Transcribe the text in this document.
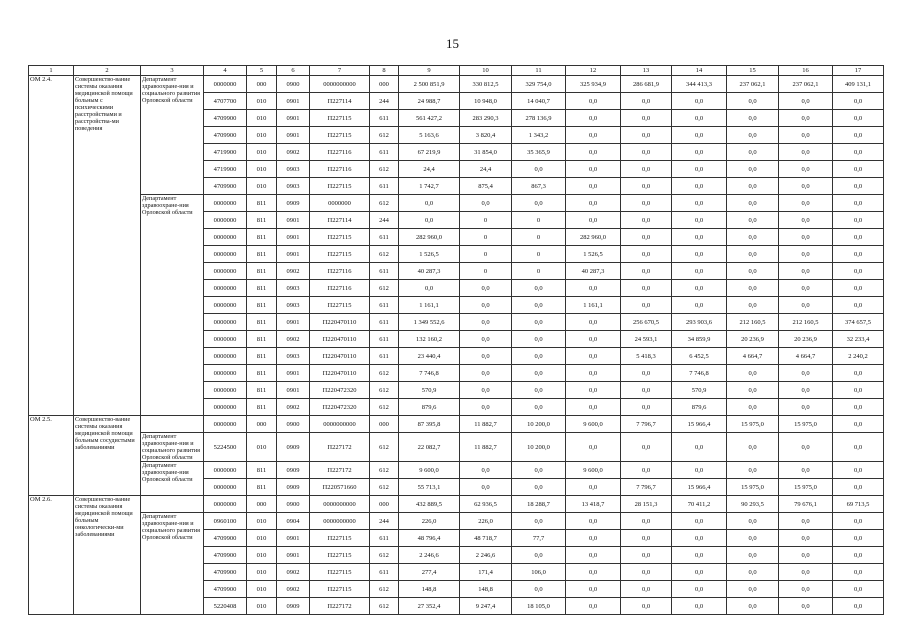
15
1	2	3	4	5	6	7	8	9	10	11	12	13	14	15	16	17
ОМ 2.4.	Совершенство-вание системы оказания медицинской помощи больным с психическими расстройствами и расстройства-ми поведения	Департамент здравоохране-ния и социального развития Орловской области	0000000	000	0900	0000000000	000	2 500 851,9	330 812,5	329 754,0	325 934,9	286 681,9	344 413,3	237 062,1	237 062,1	409 131,1
			4707700	010	0901	П227114	244	24 988,7	10 948,0	14 040,7	0,0	0,0	0,0	0,0	0,0	0,0
			4709900	010	0901	П227115	611	561 427,2	283 290,3	278 136,9	0,0	0,0	0,0	0,0	0,0	0,0
			4709900	010	0901	П227115	612	5 163,6	3 820,4	1 343,2	0,0	0,0	0,0	0,0	0,0	0,0
			4719900	010	0902	П227116	611	67 219,9	31 854,0	35 365,9	0,0	0,0	0,0	0,0	0,0	0,0
			4719900	010	0903	П227116	612	24,4	24,4	0,0	0,0	0,0	0,0	0,0	0,0	0,0
			4709900	010	0903	П227115	611	1 742,7	875,4	867,3	0,0	0,0	0,0	0,0	0,0	0,0
		Департамент здравоохране-ния Орловской области	0000000	811	0909	0000000	612	0,0	0,0	0,0	0,0	0,0	0,0	0,0	0,0	0,0
			0000000	811	0901	П227114	244	0,0	0	0	0,0	0,0	0,0	0,0	0,0	0,0
			0000000	811	0901	П227115	611	282 960,0	0	0	282 960,0	0,0	0,0	0,0	0,0	0,0
			0000000	811	0901	П227115	612	1 526,5	0	0	1 526,5	0,0	0,0	0,0	0,0	0,0
			0000000	811	0902	П227116	611	40 287,3	0	0	40 287,3	0,0	0,0	0,0	0,0	0,0
			0000000	811	0903	П227116	612	0,0	0,0	0,0	0,0	0,0	0,0	0,0	0,0	0,0
			0000000	811	0903	П227115	611	1 161,1	0,0	0,0	1 161,1	0,0	0,0	0,0	0,0	0,0
			0000000	811	0901	П220470110	611	1 349 552,6	0,0	0,0	0,0	256 670,5	293 903,6	212 160,5	212 160,5	374 657,5
			0000000	811	0902	П220470110	611	132 160,2	0,0	0,0	0,0	24 593,1	34 859,9	20 236,9	20 236,9	32 233,4
			0000000	811	0903	П220470110	611	23 440,4	0,0	0,0	0,0	5 418,3	6 452,5	4 664,7	4 664,7	2 240,2
			0000000	811	0901	П220470110	612	7 746,8	0,0	0,0	0,0	0,0	7 746,8	0,0	0,0	0,0
			0000000	811	0901	П220472320	612	570,9	0,0	0,0	0,0	0,0	570,9	0,0	0,0	0,0
			0000000	811	0902	П220472320	612	879,6	0,0	0,0	0,0	0,0	879,6	0,0	0,0	0,0
ОМ 2.5.	Совершенство-вание системы оказания медицинской помощи больным сосудистыми заболеваниями		0000000	000	0900	0000000000	000	87 395,8	11 882,7	10 200,0	9 600,0	7 796,7	15 966,4	15 975,0	15 975,0	0,0
		Департамент здравоохране-ния и социального развития Орловской области	5224500	010	0909	П227172	612	22 082,7	11 882,7	10 200,0	0,0	0,0	0,0	0,0	0,0	0,0
		Департамент здравоохране-ния Орловской области	0000000	811	0909	П227172	612	9 600,0	0,0	0,0	9 600,0	0,0	0,0	0,0	0,0	0,0
			0000000	811	0909	П220571660	612	55 713,1	0,0	0,0	0,0	7 796,7	15 966,4	15 975,0	15 975,0	0,0
ОМ 2.6.	Совершенство-вание системы оказания медицинской помощи больным онкологически-ми заболеваниями		0000000	000	0900	0000000000	000	432 889,5	62 936,5	18 288,7	13 418,7	28 151,3	70 411,2	90 293,5	79 676,1	69 713,5
		Департамент здравоохране-ния и социального развития Орловской области	0960100	010	0904	0000000000	244	226,0	226,0	0,0	0,0	0,0	0,0	0,0	0,0	0,0
			4709900	010	0901	П227115	611	48 796,4	48 718,7	77,7	0,0	0,0	0,0	0,0	0,0	0,0
			4709900	010	0901	П227115	612	2 246,6	2 246,6	0,0	0,0	0,0	0,0	0,0	0,0	0,0
			4709900	010	0902	П227115	611	277,4	171,4	106,0	0,0	0,0	0,0	0,0	0,0	0,0
			4709900	010	0902	П227115	612	148,8	148,8	0,0	0,0	0,0	0,0	0,0	0,0	0,0
			5220408	010	0909	П227172	612	27 352,4	9 247,4	18 105,0	0,0	0,0	0,0	0,0	0,0	0,0
